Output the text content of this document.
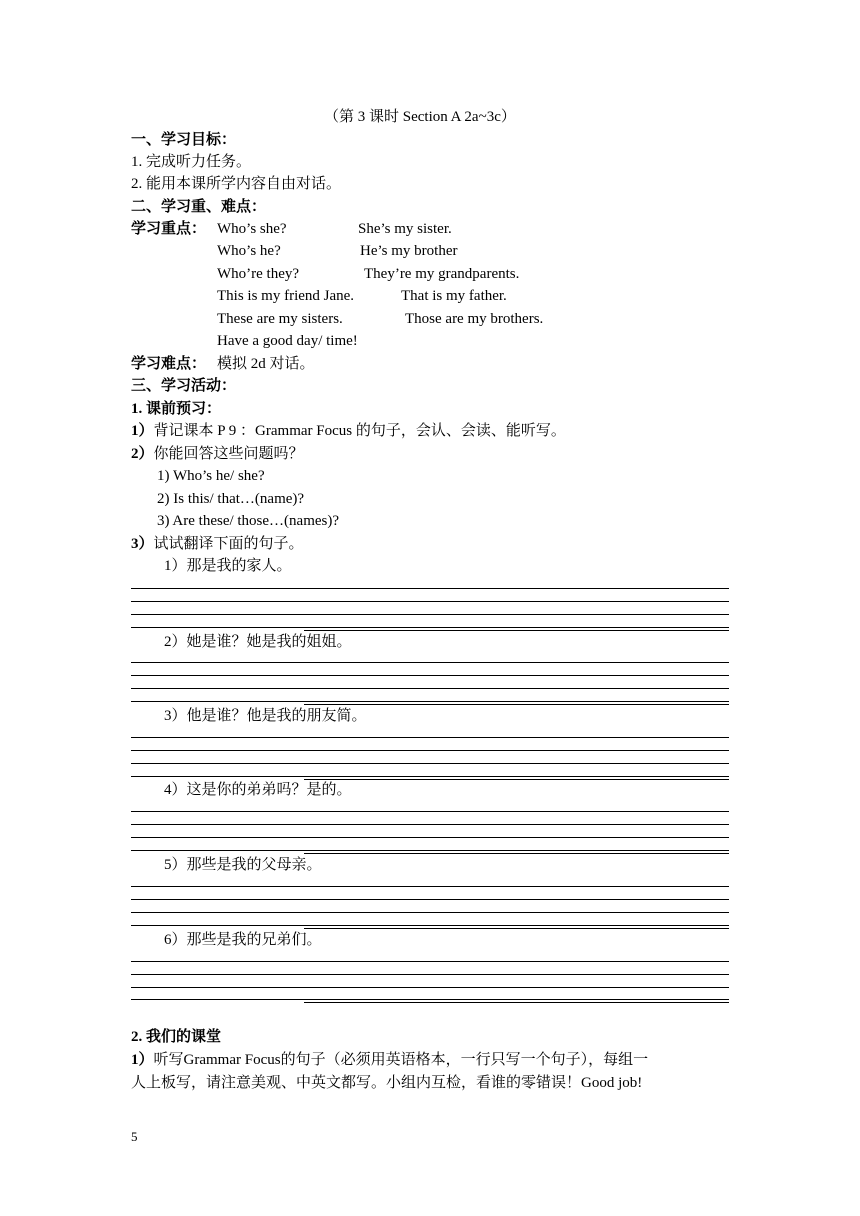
（第 3 课时 Section A 2a~3c）
一、学习目标：
1. 完成听力任务。
2. 能用本课所学内容自由对话。
二、学习重、难点：
学习重点： Who’s she?	She’s my sister.
Who’s he?	He’s my brother
Who’re they?	They’re my grandparents.
This is my friend Jane.	That is my father.
These are my sisters.	Those are my brothers.
Have a good day/ time!
学习难点： 模拟 2d 对话。
三、学习活动：
1. 课前预习：
1）背记课本 P 9 ：Grammar Focus 的句子，会认、会读、能听写。
2）你能回答这些问题吗？
1) Who’s he/ she?
2) Is this/ that…(name)?
3) Are these/ those…(names)?
3）试试翻译下面的句子。
1）那是我的家人。
2）她是谁？她是我的姐姐。
3）他是谁？他是我的朋友简。
4）这是你的弟弟吗？是的。
5）那些是我的父母亲。
6）那些是我的兄弟们。
2. 我们的课堂
1）听写Grammar Focus的句子（必须用英语格本，一行只写一个句子），每组一
人上板写，请注意美观、中英文都写。小组内互检，看谁的零错误！Good job!
5
